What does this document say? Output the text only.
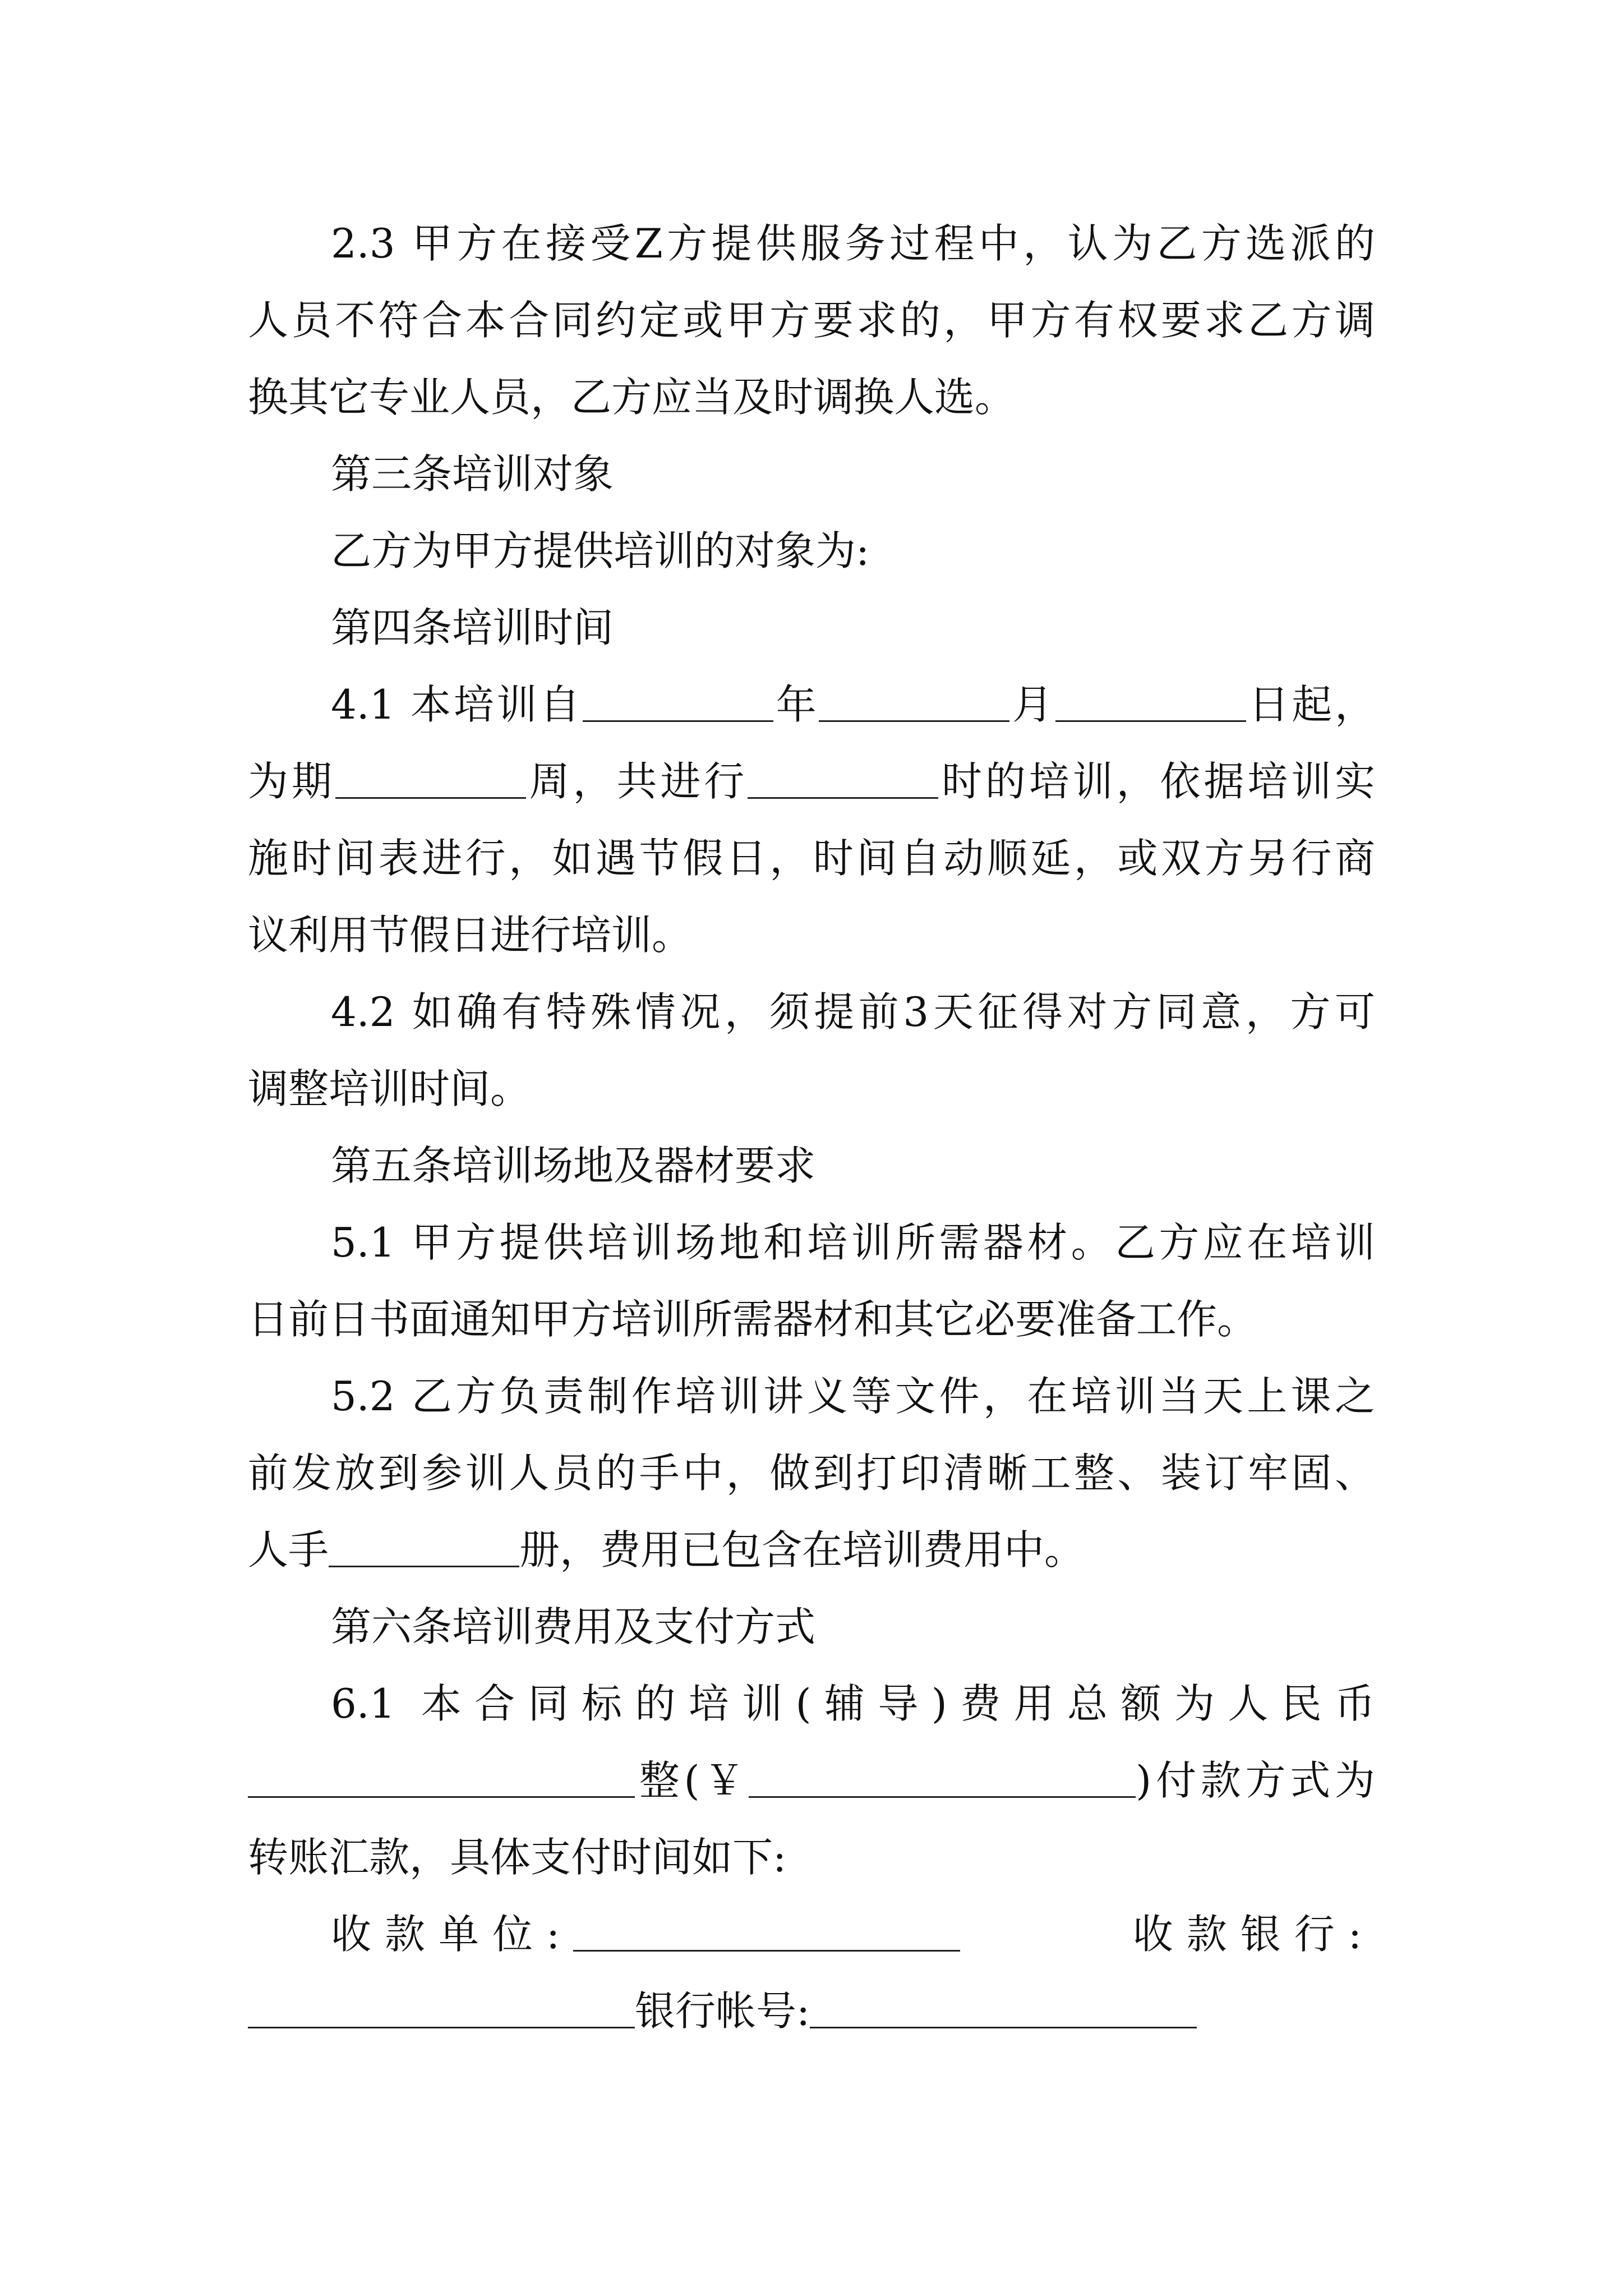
2.3 甲方在接受Z方提供服务过程中，认为乙方选派的

人员不符合本合同约定或甲方要求的，甲方有权要求乙方调

换其它专业人员，乙方应当及时调换人选。

第三条培训对象

乙方为甲方提供培训的对象为:

第四条培训时间

4.1 本培训自	年	月	日起，

为期	周，共进行	时的培训，依据培训实

施时间表进行，如遇节假日，时间自动顺延，或双方另行商

议利用节假日进行培训。

4.2 如确有特殊情况，须提前3天征得对方同意，方可

调整培训时间。

第五条培训场地及器材要求

5.1 甲方提供培训场地和培训所需器材。乙方应在培训

日前日书面通知甲方培训所需器材和其它必要准备工作。

5.2 乙方负责制作培训讲义等文件，在培训当天上课之

前发放到参训人员的手中，做到打印清晰工整、装订牢固、

人手	册，费用已包含在培训费用中。

第六条培训费用及支付方式

6.1 本合同标的培训(辅导)费用总额为人民币

整(￥	)付款方式为

转账汇款，具体支付时间如下:

收款单位:	收款银行:

银行帐号:
